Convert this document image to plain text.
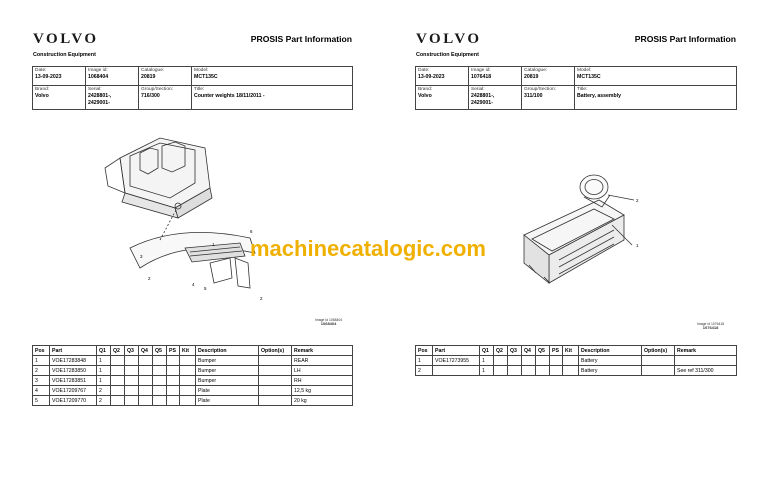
VOLVO
Construction Equipment
PROSIS Part Information
Date:
13-09-2023	Image id:
1068404	Catalogue:
20819	Model:
MCT135C

Brand:
Volvo	Serial:
2428801-,
2429001-	Group/Section:
716/300	Title:
Counter weights 18/11/2011 -
1
2
2
3
4
5
6
Image id 1068404
1068404
Pos	Part	Q1	Q2	Q3	Q4	Q5	PS	Kit	Description	Option(s)	Remark
1	VOE17283848	1							Bumper		REAR
2	VOE17283850	1							Bumper		LH
3	VOE17283851	1							Bumper		RH
4	VOE17209767	2							Plate		12,5 kg
5	VOE17209770	2							Plate		20 kg
VOLVO
Construction Equipment
PROSIS Part Information
Date:
13-09-2023	Image id:
1076418	Catalogue:
20819	Model:
MCT135C

Brand:
Volvo	Serial:
2428801-,
2429001-	Group/Section:
311/100	Title:
Battery, assembly
1
2
Image id 1076418
1076418
Pos	Part	Q1	Q2	Q3	Q4	Q5	PS	Kit	Description	Option(s)	Remark
1	VOE17273955	1							Battery		
2		1							Battery		See ref 311/300
machinecatalogic.com
